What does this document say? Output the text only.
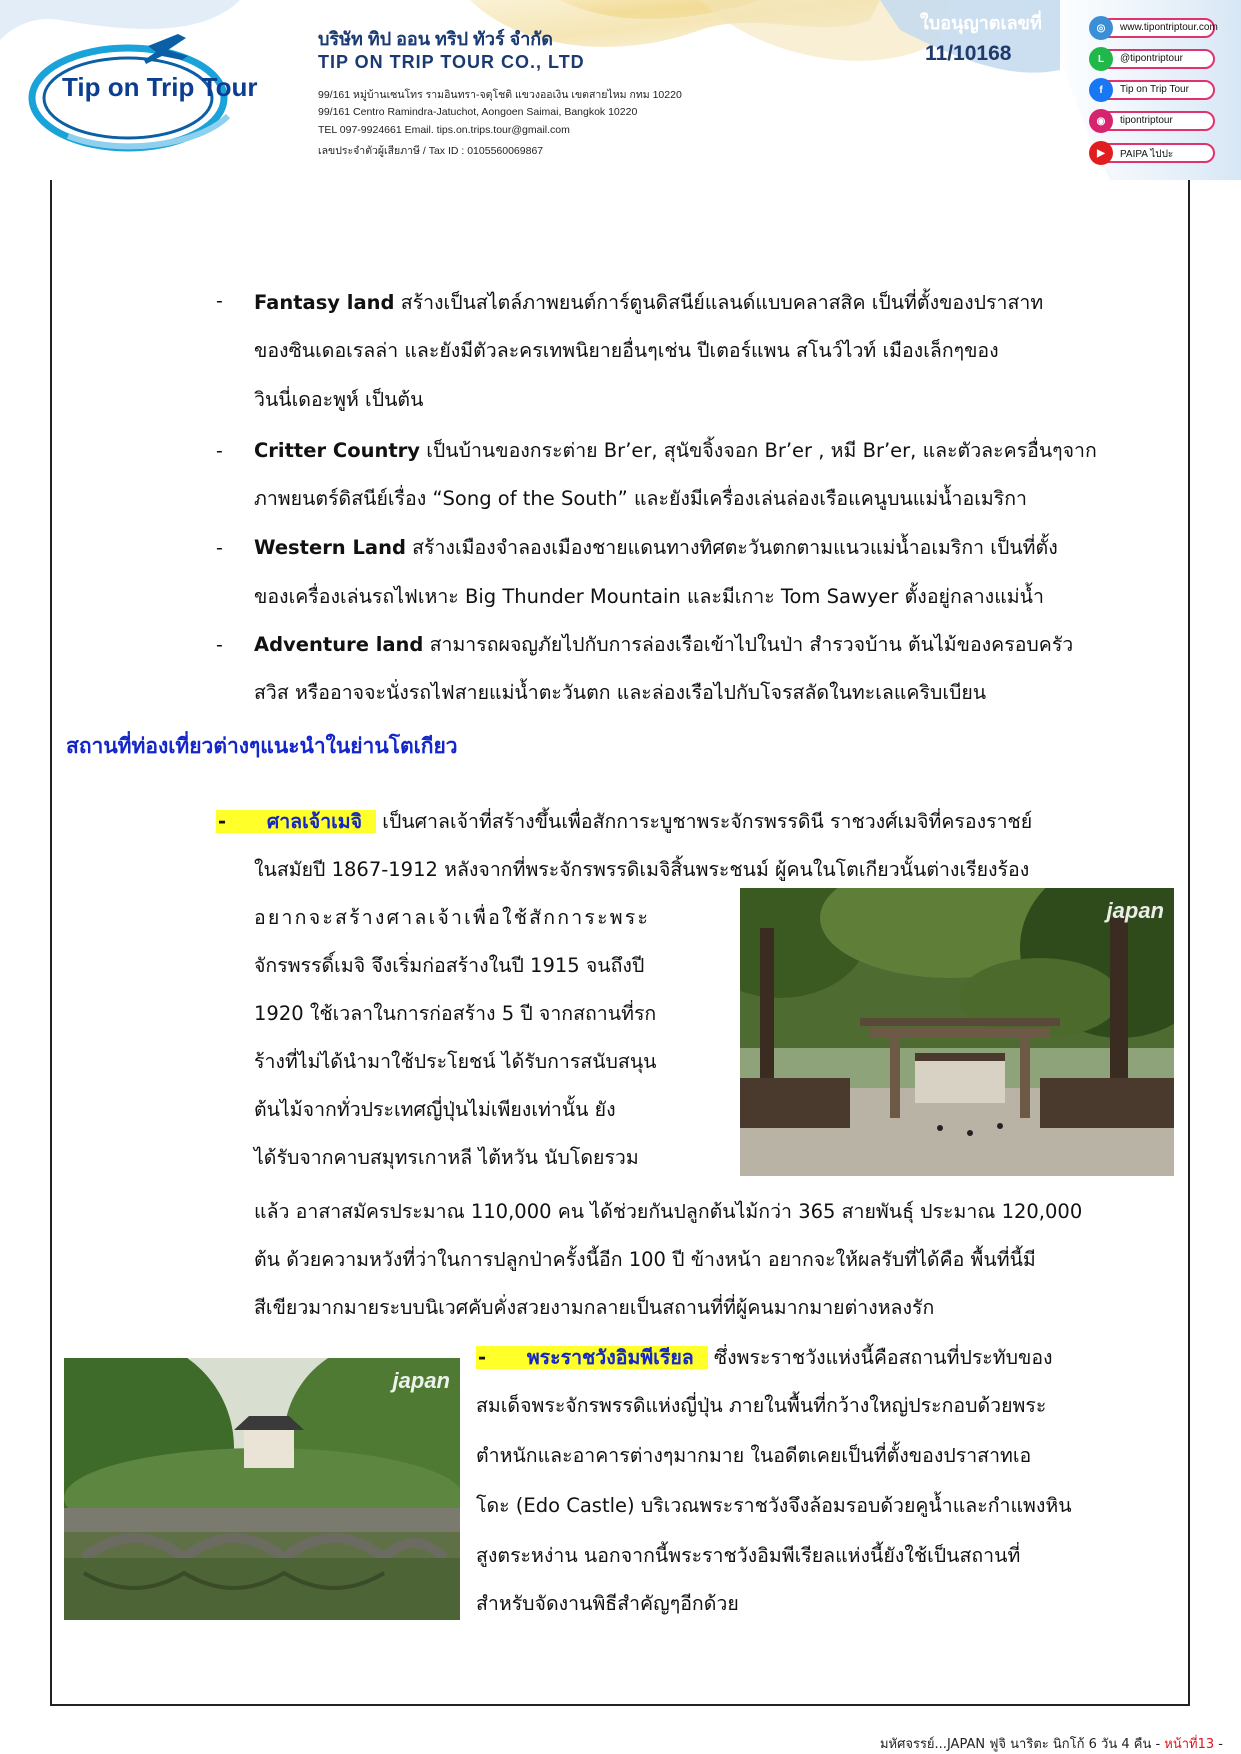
Tip on Trip Tour
บริษัท ทิป ออน ทริป ทัวร์ จำกัด
TIP ON TRIP TOUR CO., LTD
99/161 หมู่บ้านเซนโทร รามอินทรา-จตุโชติ แขวงออเงิน เขตสายไหม กทม 10220
99/161 Centro Ramindra-Jatuchot, Aongoen Saimai, Bangkok 10220
TEL 097-9924661 Email. tips.on.trips.tour@gmail.com
เลขประจำตัวผู้เสียภาษี / Tax ID : 0105560069867
ใบอนุญาตเลขที่
11/10168
◎	www.tipontriptour.com
L	@tipontriptour
f	Tip on Trip Tour
◉	tipontriptour
▶	PAIPA ไปปะ
- Fantasy land สร้างเป็นสไตล์ภาพยนต์การ์ตูนดิสนีย์แลนด์แบบคลาสสิค เป็นที่ตั้งของปราสาท
ของซินเดอเรลล่า และยังมีตัวละครเทพนิยายอื่นๆเช่น ปีเตอร์แพน สโนว์ไวท์ เมืองเล็กๆของ
วินนี่เดอะพูห์ เป็นต้น
- Critter Country เป็นบ้านของกระต่าย Br’er, สุนัขจิ้งจอก Br’er , หมี Br’er, และตัวละครอื่นๆจาก
ภาพยนตร์ดิสนีย์เรื่อง “Song of the South” และยังมีเครื่องเล่นล่องเรือแคนูบนแม่น้ำอเมริกา
- Western Land สร้างเมืองจำลองเมืองชายแดนทางทิศตะวันตกตามแนวแม่น้ำอเมริกา เป็นที่ตั้ง
ของเครื่องเล่นรถไฟเหาะ Big Thunder Mountain และมีเกาะ Tom Sawyer ตั้งอยู่กลางแม่น้ำ
- Adventure land สามารถผจญภัยไปกับการล่องเรือเข้าไปในป่า สำรวจบ้าน ต้นไม้ของครอบครัว
สวิส หรืออาจจะนั่งรถไฟสายแม่น้ำตะวันตก และล่องเรือไปกับโจรสลัดในทะเลแคริบเบียน
สถานที่ท่องเที่ยวต่างๆแนะนำในย่านโตเกียว
- ศาลเจ้าเมจิ เป็นศาลเจ้าที่สร้างขึ้นเพื่อสักการะบูชาพระจักรพรรดินี ราชวงศ์เมจิที่ครองราชย์
ในสมัยปี 1867-1912 หลังจากที่พระจักรพรรดิเมจิสิ้นพระชนม์ ผู้คนในโตเกียวนั้นต่างเรียงร้อง
อยากจะสร้างศาลเจ้าเพื่อใช้สักการะพระ
จักรพรรดิ์เมจิ จึงเริ่มก่อสร้างในปี 1915 จนถึงปี
1920 ใช้เวลาในการก่อสร้าง 5 ปี จากสถานที่รก
ร้างที่ไม่ได้นำมาใช้ประโยชน์ ได้รับการสนับสนุน
ต้นไม้จากทั่วประเทศญี่ปุ่นไม่เพียงเท่านั้น ยัง
ได้รับจากคาบสมุทรเกาหลี ไต้หวัน นับโดยรวม
แล้ว อาสาสมัครประมาณ 110,000 คน ได้ช่วยกันปลูกต้นไม้กว่า 365 สายพันธุ์ ประมาณ 120,000
ต้น ด้วยความหวังที่ว่าในการปลูกป่าครั้งนี้อีก 100 ปี ข้างหน้า อยากจะให้ผลรับที่ได้คือ พื้นที่นี้มี
สีเขียวมากมายระบบนิเวศคับคั่งสวยงามกลายเป็นสถานที่ที่ผู้คนมากมายต่างหลงรัก
japan
- พระราชวังอิมพีเรียล ซึ่งพระราชวังแห่งนี้คือสถานที่ประทับของ
สมเด็จพระจักรพรรดิแห่งญี่ปุ่น ภายในพื้นที่กว้างใหญ่ประกอบด้วยพระ
ตำหนักและอาคารต่างๆมากมาย ในอดีตเคยเป็นที่ตั้งของปราสาทเอ
โดะ (Edo Castle) บริเวณพระราชวังจึงล้อมรอบด้วยคูน้ำและกำแพงหิน
สูงตระหง่าน นอกจากนี้พระราชวังอิมพีเรียลแห่งนี้ยังใช้เป็นสถานที่
สำหรับจัดงานพิธีสำคัญๆอีกด้วย
japan
มหัศจรรย์...JAPAN ฟูจิ นาริตะ นิกโก้ 6 วัน 4 คืน - หน้าที่13 -
